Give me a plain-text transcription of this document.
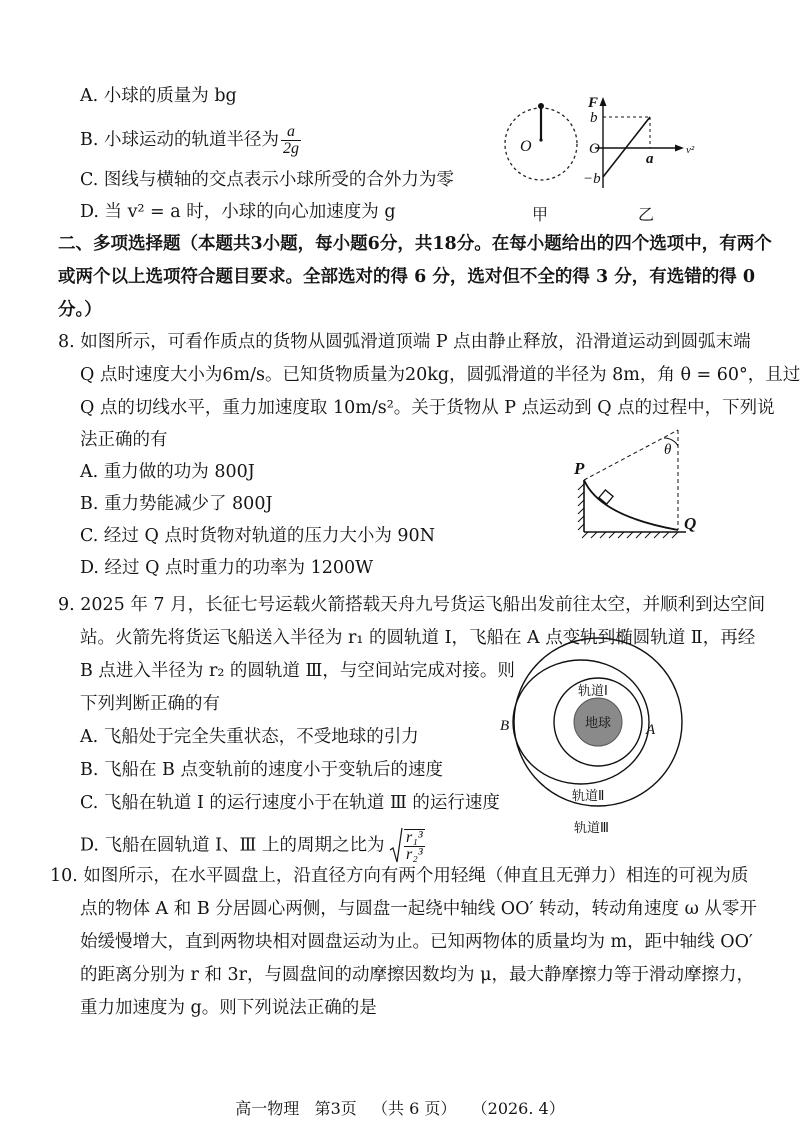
A. 小球的质量为 bg
B. 小球运动的轨道半径为 $\frac{a}{2g}$
C. 图线与横轴的交点表示小球所受的合外力为零
D. 当 v² = a 时，小球的向心加速度为 g
O
甲
F
b
O
−b
a
v²
乙
二、多项选择题（本题共3小题，每小题6分，共18分。在每小题给出的四个选项中，有两个
或两个以上选项符合题目要求。全部选对的得 6 分，选对但不全的得 3 分，有选错的得 0
分。）
8. 如图所示，可看作质点的货物从圆弧滑道顶端 P 点由静止释放，沿滑道运动到圆弧末端
Q 点时速度大小为6m/s。已知货物质量为20kg，圆弧滑道的半径为 8m，角 θ = 60°，且过
Q 点的切线水平，重力加速度取 10m/s²。关于货物从 P 点运动到 Q 点的过程中，下列说
法正确的有
A. 重力做的功为 800J
B. 重力势能减少了 800J
C. 经过 Q 点时货物对轨道的压力大小为 90N
D. 经过 Q 点时重力的功率为 1200W
P
Q
θ
9. 2025 年 7 月，长征七号运载火箭搭载天舟九号货运飞船出发前往太空，并顺利到达空间
站。火箭先将货运飞船送入半径为 r₁ 的圆轨道 Ⅰ，飞船在 A 点变轨到椭圆轨道 Ⅱ，再经
B 点进入半径为 r₂ 的圆轨道 Ⅲ，与空间站完成对接。则
下列判断正确的有
A. 飞船处于完全失重状态，不受地球的引力
B. 飞船在 B 点变轨前的速度小于变轨后的速度
C. 飞船在轨道 Ⅰ 的运行速度小于在轨道 Ⅲ 的运行速度
D. 飞船在圆轨道 Ⅰ、Ⅲ 上的周期之比为 $\frac{\text{r₁³}}{\text{r₂³}}$
地球
轨道Ⅰ
轨道Ⅱ
轨道Ⅲ
A
B
10. 如图所示，在水平圆盘上，沿直径方向有两个用轻绳（伸直且无弹力）相连的可视为质
点的物体 A 和 B 分居圆心两侧，与圆盘一起绕中轴线 OO′ 转动，转动角速度 ω 从零开
始缓慢增大，直到两物块相对圆盘运动为止。已知两物体的质量均为 m，距中轴线 OO′
的距离分别为 r 和 3r，与圆盘间的动摩擦因数均为 μ，最大静摩擦力等于滑动摩擦力，
重力加速度为 g。则下列说法正确的是
高一物理 第3页 （共 6 页） （2026. 4）
